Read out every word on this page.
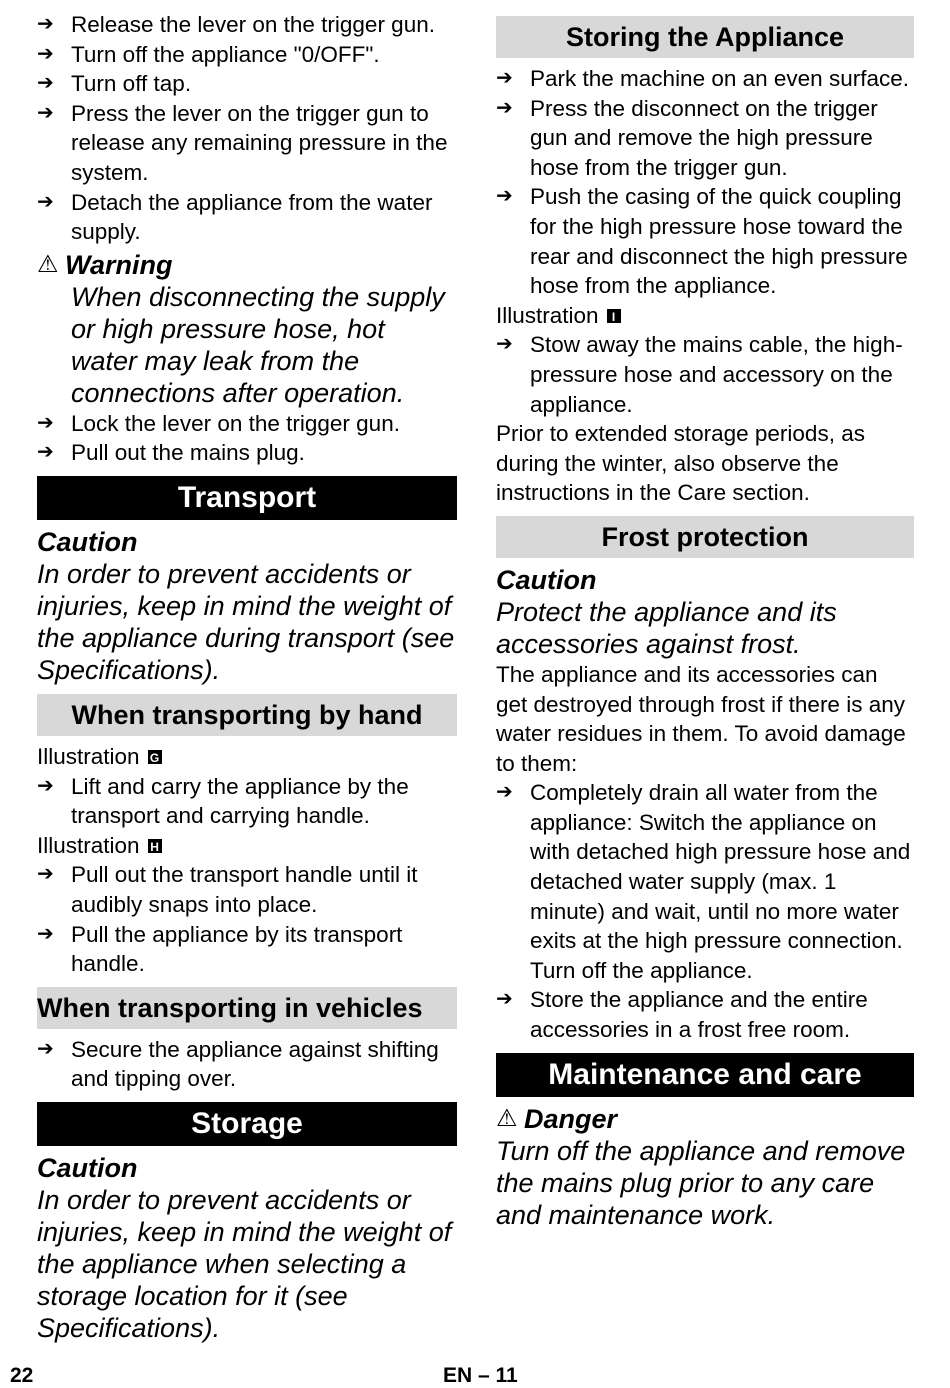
➔ Release the lever on the trigger gun.
➔ Turn off the appliance "0/OFF".
➔ Turn off tap.
➔ Press the lever on the trigger gun to release any remaining pressure in the system.
➔ Detach the appliance from the water supply.
⚠ Warning
When disconnecting the supply or high pressure hose, hot water may leak from the connections after operation.
➔ Lock the lever on the trigger gun.
➔ Pull out the mains plug.
Transport
Caution
In order to prevent accidents or injuries, keep in mind the weight of the appliance during transport (see Specifications).
When transporting by hand
Illustration G
➔ Lift and carry the appliance by the transport and carrying handle.
Illustration H
➔ Pull out the transport handle until it audibly snaps into place.
➔ Pull the appliance by its transport handle.
When transporting in vehicles
➔ Secure the appliance against shifting and tipping over.
Storage
Caution
In order to prevent accidents or injuries, keep in mind the weight of the appliance when selecting a storage location for it (see Specifications).
Storing the Appliance
➔ Park the machine on an even surface.
➔ Press the disconnect on the trigger gun and remove the high pressure hose from the trigger gun.
➔ Push the casing of the quick coupling for the high pressure hose toward the rear and disconnect the high pressure hose from the appliance.
Illustration	I
➔ Stow away the mains cable, the high-pressure hose and accessory on the appliance.
Prior to extended storage periods, as during the winter, also observe the instructions in the Care section.
Frost protection
Caution
Protect the appliance and its accessories against frost.
The appliance and its accessories can get destroyed through frost if there is any water residues in them. To avoid damage to them:
➔ Completely drain all water from the appliance: Switch the appliance on with detached high pressure hose and detached water supply (max. 1 minute) and wait, until no more water exits at the high pressure connection. Turn off the appliance.
➔ Store the appliance and the entire accessories in a frost free room.
Maintenance and care
⚠ Danger
Turn off the appliance and remove the mains plug prior to any care and maintenance work.
22	EN – 11
